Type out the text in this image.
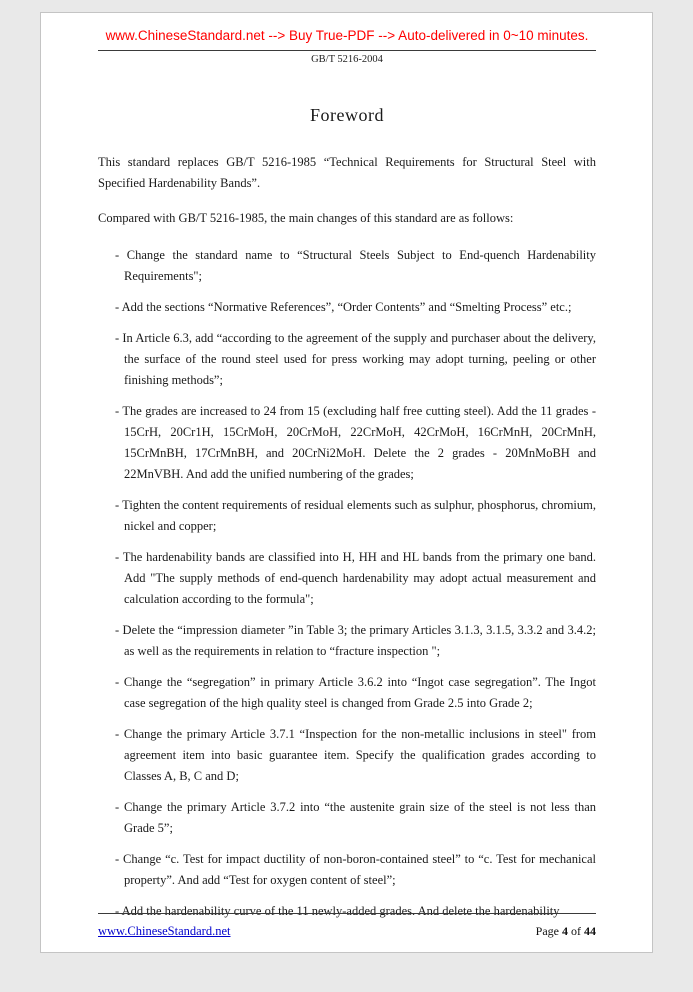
www.ChineseStandard.net --> Buy True-PDF --> Auto-delivered in 0~10 minutes.
GB/T 5216-2004
Foreword

This standard replaces GB/T 5216-1985 “Technical Requirements for Structural Steel with Specified Hardenability Bands”.

Compared with GB/T 5216-1985, the main changes of this standard are as follows:

- Change the standard name to “Structural Steels Subject to End-quench Hardenability Requirements";

- Add the sections “Normative References”, “Order Contents” and “Smelting Process” etc.;

- In Article 6.3, add “according to the agreement of the supply and purchaser about the delivery, the surface of the round steel used for press working may adopt turning, peeling or other finishing methods”;

- The grades are increased to 24 from 15 (excluding half free cutting steel). Add the 11 grades - 15CrH, 20Cr1H, 15CrMoH, 20CrMoH, 22CrMoH, 42CrMoH, 16CrMnH, 20CrMnH, 15CrMnBH, 17CrMnBH, and 20CrNi2MoH. Delete the 2 grades - 20MnMoBH and 22MnVBH. And add the unified numbering of the grades;

- Tighten the content requirements of residual elements such as sulphur, phosphorus, chromium, nickel and copper;

- The hardenability bands are classified into H, HH and HL bands from the primary one band. Add "The supply methods of end-quench hardenability may adopt actual measurement and calculation according to the formula";

- Delete the “impression diameter ”in Table 3; the primary Articles 3.1.3, 3.1.5, 3.3.2 and 3.4.2; as well as the requirements in relation to “fracture inspection ";

- Change the “segregation” in primary Article 3.6.2 into “Ingot case segregation”. The Ingot case segregation of the high quality steel is changed from Grade 2.5 into Grade 2;

- Change the primary Article 3.7.1 “Inspection for the non-metallic inclusions in steel" from agreement item into basic guarantee item. Specify the qualification grades according to Classes A, B, C and D;

- Change the primary Article 3.7.2 into “the austenite grain size of the steel is not less than Grade 5”;

- Change “c. Test for impact ductility of non-boron-contained steel” to “c. Test for mechanical property”. And add “Test for oxygen content of steel”;

- Add the hardenability curve of the 11 newly-added grades. And delete the hardenability

www.ChineseStandard.net	Page 4 of 44
